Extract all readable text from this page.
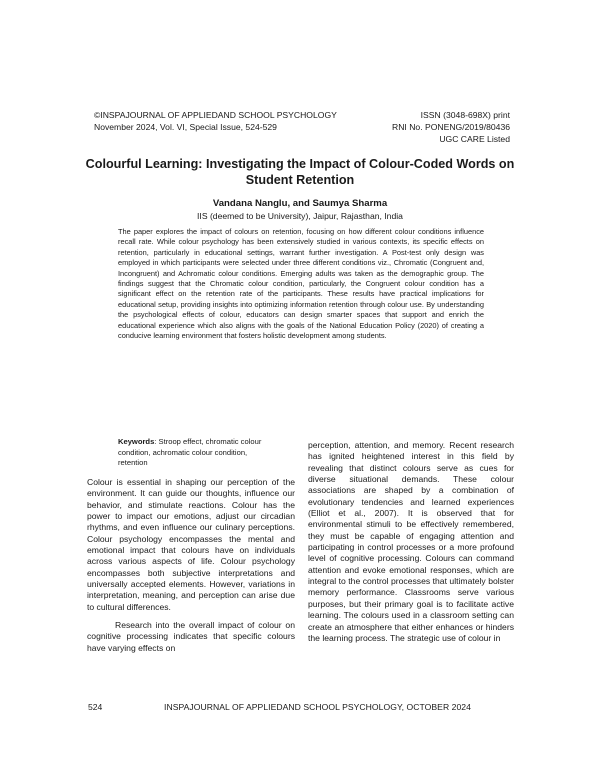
©INSPAJOURNAL OF APPLIEDAND SCHOOL PSYCHOLOGY
November 2024, Vol. VI, Special Issue, 524-529
ISSN (3048-698X) print
RNI No. PONENG/2019/80436
UGC CARE Listed
Colourful Learning: Investigating the Impact of Colour-Coded Words on Student Retention
Vandana Nanglu, and Saumya Sharma
IIS (deemed to be University), Jaipur, Rajasthan, India

The paper explores the impact of colours on retention, focusing on how different colour conditions influence recall rate. While colour psychology has been extensively studied in various contexts, its specific effects on retention, particularly in educational settings, warrant further investigation. A Post-test only design was employed in which participants were selected under three different conditions viz., Chromatic (Congruent and, Incongruent) and Achromatic colour conditions. Emerging adults was taken as the demographic group. The findings suggest that the Chromatic colour condition, particularly, the Congruent colour condition has a significant effect on the retention rate of the participants. These results have practical implications for educational setup, providing insights into optimizing information retention through colour use. By understanding the psychological effects of colour, educators can design smarter spaces that support and enrich the educational experience which also aligns with the goals of the National Education Policy (2020) of creating a conducive learning environment that fosters holistic development among students.

Keywords: Stroop effect, chromatic colour condition, achromatic colour condition, retention

Colour is essential in shaping our perception of the environment. It can guide our thoughts, influence our behavior, and stimulate reactions. Colour has the power to impact our emotions, adjust our circadian rhythms, and even influence our culinary perceptions. Colour psychology encompasses the mental and emotional impact that colours have on individuals across various aspects of life. Colour psychology encompasses both subjective interpretations and universally accepted elements. However, variations in interpretation, meaning, and perception can arise due to cultural differences.

Research into the overall impact of colour on cognitive processing indicates that specific colours have varying effects on

perception, attention, and memory. Recent research has ignited heightened interest in this field by revealing that distinct colours serve as cues for diverse situational demands. These colour associations are shaped by a combination of evolutionary tendencies and learned experiences (Elliot et al., 2007). It is observed that for environmental stimuli to be effectively remembered, they must be capable of engaging attention and participating in control processes or a more profound level of cognitive processing. Colours can command attention and evoke emotional responses, which are integral to the control processes that ultimately bolster memory performance. Classrooms serve various purposes, but their primary goal is to facilitate active learning. The colours used in a classroom setting can create an atmosphere that either enhances or hinders the learning process. The strategic use of colour in

524	INSPAJOURNAL OF APPLIEDAND SCHOOL PSYCHOLOGY, OCTOBER 2024
